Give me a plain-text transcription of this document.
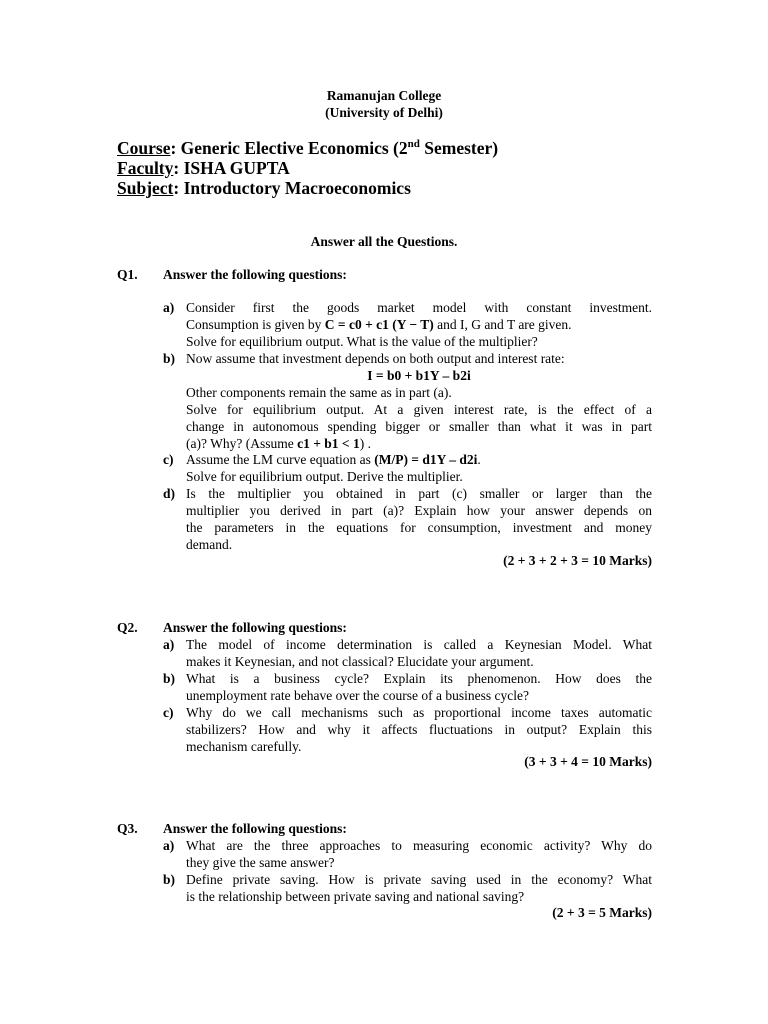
Ramanujan College
(University of Delhi)
Course: Generic Elective Economics (2nd Semester)
Faculty: ISHA GUPTA
Subject: Introductory Macroeconomics
Answer all the Questions.
Q1. Answer the following questions:
a) Consider first the goods market model with constant investment.
Consumption is given by C = c0 + c1 (Y − T) and I, G and T are given.
Solve for equilibrium output. What is the value of the multiplier?
b) Now assume that investment depends on both output and interest rate:
I = b0 + b1Y – b2i
Other components remain the same as in part (a).
Solve for equilibrium output. At a given interest rate, is the effect of a
change in autonomous spending bigger or smaller than what it was in part
(a)? Why? (Assume c1 + b1 < 1) .
c) Assume the LM curve equation as (M/P) = d1Y – d2i.
Solve for equilibrium output. Derive the multiplier.
d) Is the multiplier you obtained in part (c) smaller or larger than the
multiplier you derived in part (a)? Explain how your answer depends on
the parameters in the equations for consumption, investment and money
demand.
(2 + 3 + 2 + 3 = 10 Marks)
Q2. Answer the following questions:
a) The model of income determination is called a Keynesian Model. What
makes it Keynesian, and not classical? Elucidate your argument.
b) What is a business cycle? Explain its phenomenon. How does the
unemployment rate behave over the course of a business cycle?
c) Why do we call mechanisms such as proportional income taxes automatic
stabilizers? How and why it affects fluctuations in output? Explain this
mechanism carefully.
(3 + 3 + 4 = 10 Marks)
Q3. Answer the following questions:
a) What are the three approaches to measuring economic activity? Why do
they give the same answer?
b) Define private saving. How is private saving used in the economy? What
is the relationship between private saving and national saving?
(2 + 3 = 5 Marks)
